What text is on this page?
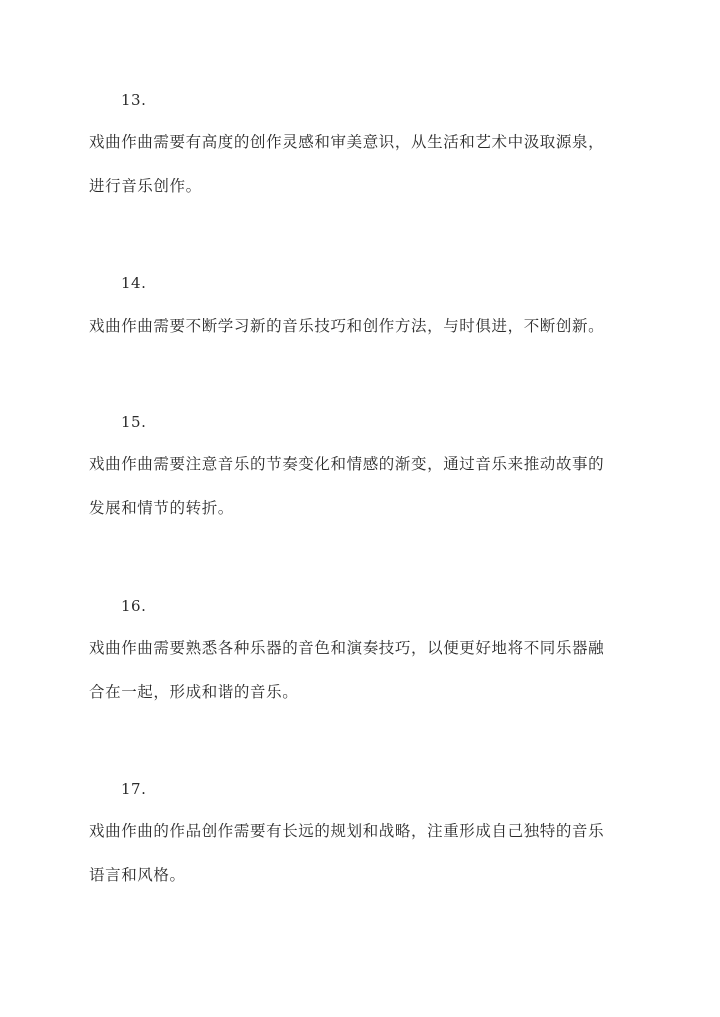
13.
戏曲作曲需要有高度的创作灵感和审美意识，从生活和艺术中汲取源泉，
进行音乐创作。
14.
戏曲作曲需要不断学习新的音乐技巧和创作方法，与时俱进，不断创新。
15.
戏曲作曲需要注意音乐的节奏变化和情感的渐变，通过音乐来推动故事的
发展和情节的转折。
16.
戏曲作曲需要熟悉各种乐器的音色和演奏技巧，以便更好地将不同乐器融
合在一起，形成和谐的音乐。
17.
戏曲作曲的作品创作需要有长远的规划和战略，注重形成自己独特的音乐
语言和风格。
